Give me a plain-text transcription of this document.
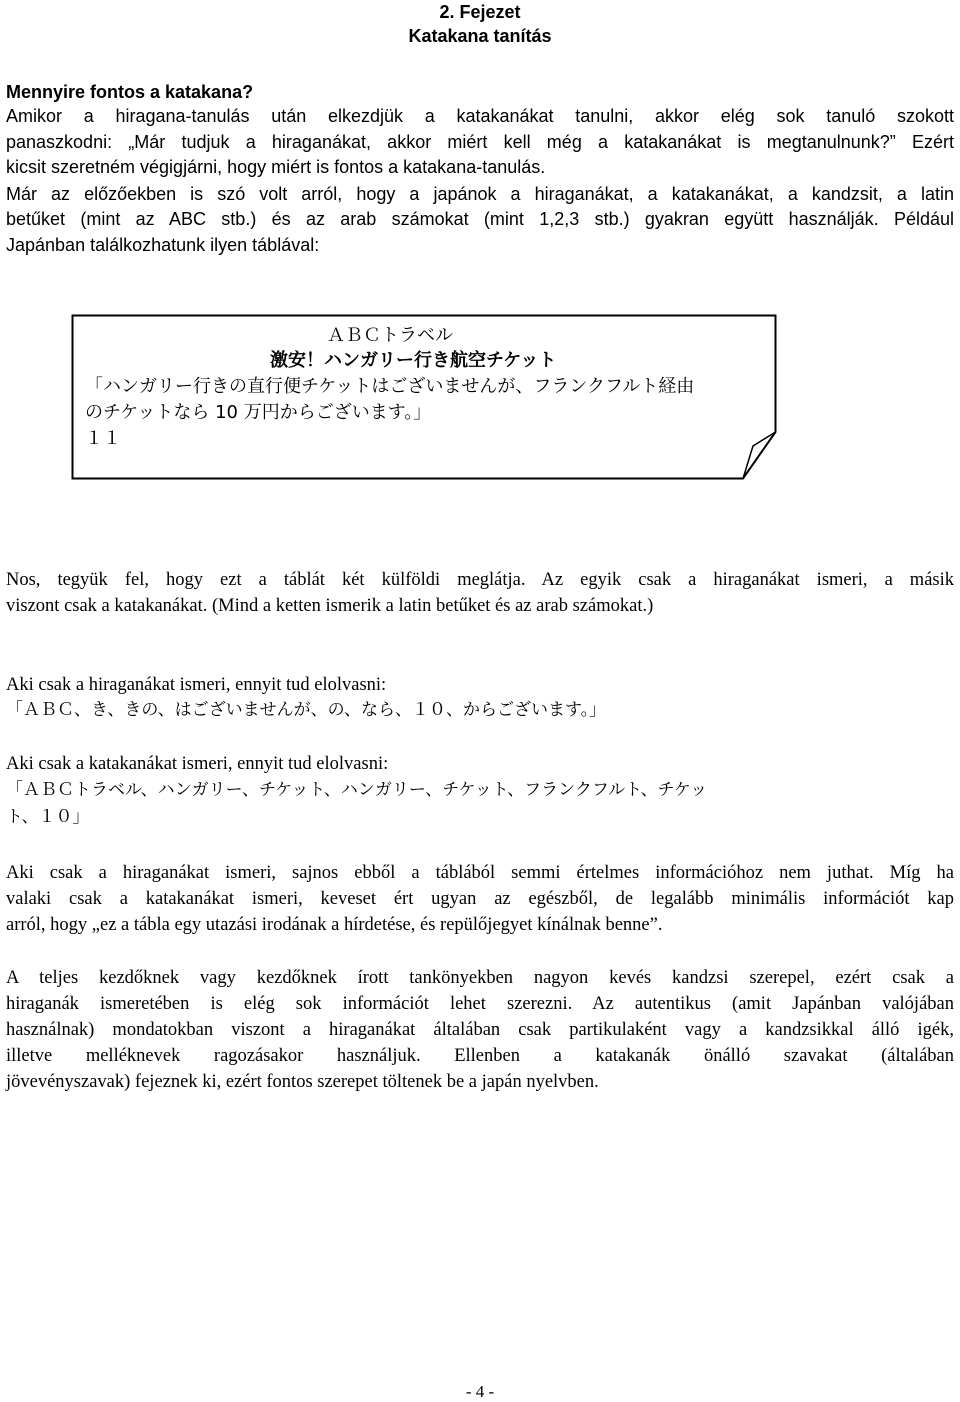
2. Fejezet

Katakana tanítás

Mennyire fontos a katakana?

Amikor a hiragana-tanulás után elkezdjük a katakanákat tanulni, akkor elég sok tanuló szokott

panaszkodni: „Már tudjuk a hiraganákat, akkor miért kell még a katakanákat is megtanulnunk?” Ezért

kicsit szeretném végigjárni, hogy miért is fontos a katakana-tanulás.

Már az előzőekben is szó volt arról, hogy a japánok a hiraganákat, a katakanákat, a kandzsit, a latin

betűket (mint az ABC stb.) és az arab számokat (mint 1,2,3 stb.) gyakran együtt használják. Például

Japánban találkozhatunk ilyen táblával:

ＡＢＣトラベル

激安！ハンガリー行き航空チケット

「ハンガリー行きの直行便チケットはございませんが、フランクフルト経由

のチケットなら 10 万円からございます。」

１１

Nos, tegyük fel, hogy ezt a táblát két külföldi meglátja. Az egyik csak a hiraganákat ismeri, a másik

viszont csak a katakanákat. (Mind a ketten ismerik a latin betűket és az arab számokat.)

Aki csak a hiraganákat ismeri, ennyit tud elolvasni:

「ＡＢＣ、き、きの、はございませんが、の、なら、１０、からございます。」

Aki csak a katakanákat ismeri, ennyit tud elolvasni:

「ＡＢＣトラベル、ハンガリー、チケット、ハンガリー、チケット、フランクフルト、チケッ

ト、１０」

Aki csak a hiraganákat ismeri, sajnos ebből a táblából semmi értelmes információhoz nem juthat. Míg ha

valaki csak a katakanákat ismeri, keveset ért ugyan az egészből, de legalább minimális információt kap

arról, hogy „ez a tábla egy utazási irodának a hírdetése, és repülőjegyet kínálnak benne”.

A teljes kezdőknek vagy kezdőknek írott tankönyekben nagyon kevés kandzsi szerepel, ezért csak a

hiraganák ismeretében is elég sok információt lehet szerezni. Az autentikus (amit Japánban valójában

használnak) mondatokban viszont a hiraganákat általában csak partikulaként vagy a kandzsikkal álló igék,

illetve melléknevek ragozásakor használjuk. Ellenben a katakanák önálló szavakat (általában

jövevényszavak) fejeznek ki, ezért fontos szerepet töltenek be a japán nyelvben.

- 4 -
